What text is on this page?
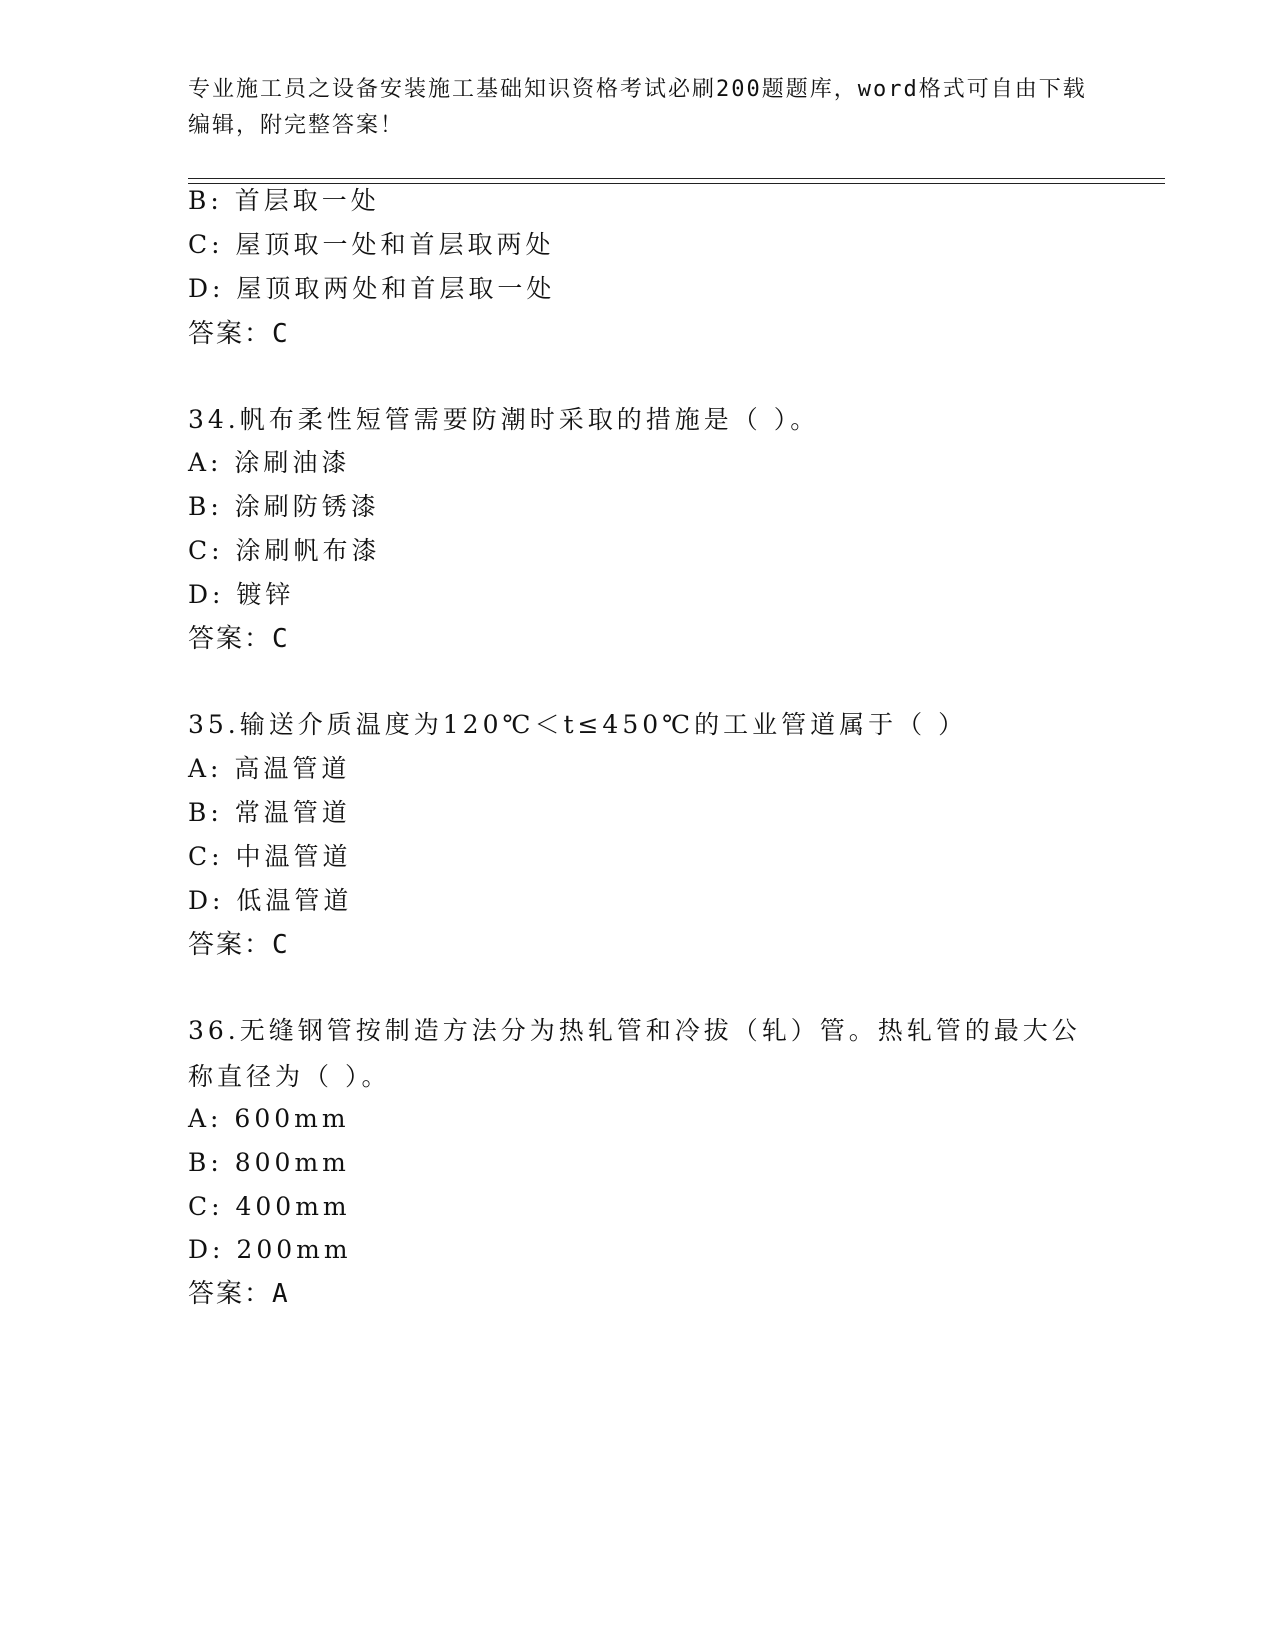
专业施工员之设备安装施工基础知识资格考试必刷200题题库，word格式可自由下载编辑，附完整答案！
B: 首层取一处
C: 屋顶取一处和首层取两处
D: 屋顶取两处和首层取一处
答案：C
34.帆布柔性短管需要防潮时采取的措施是（ ）。
A: 涂刷油漆
B: 涂刷防锈漆
C: 涂刷帆布漆
D: 镀锌
答案：C
35.输送介质温度为120℃＜t≤450℃的工业管道属于（ ）
A: 高温管道
B: 常温管道
C: 中温管道
D: 低温管道
答案：C
36.无缝钢管按制造方法分为热轧管和冷拔（轧）管。热轧管的最大公称直径为（ ）。
A: 600mm
B: 800mm
C: 400mm
D: 200mm
答案：A
